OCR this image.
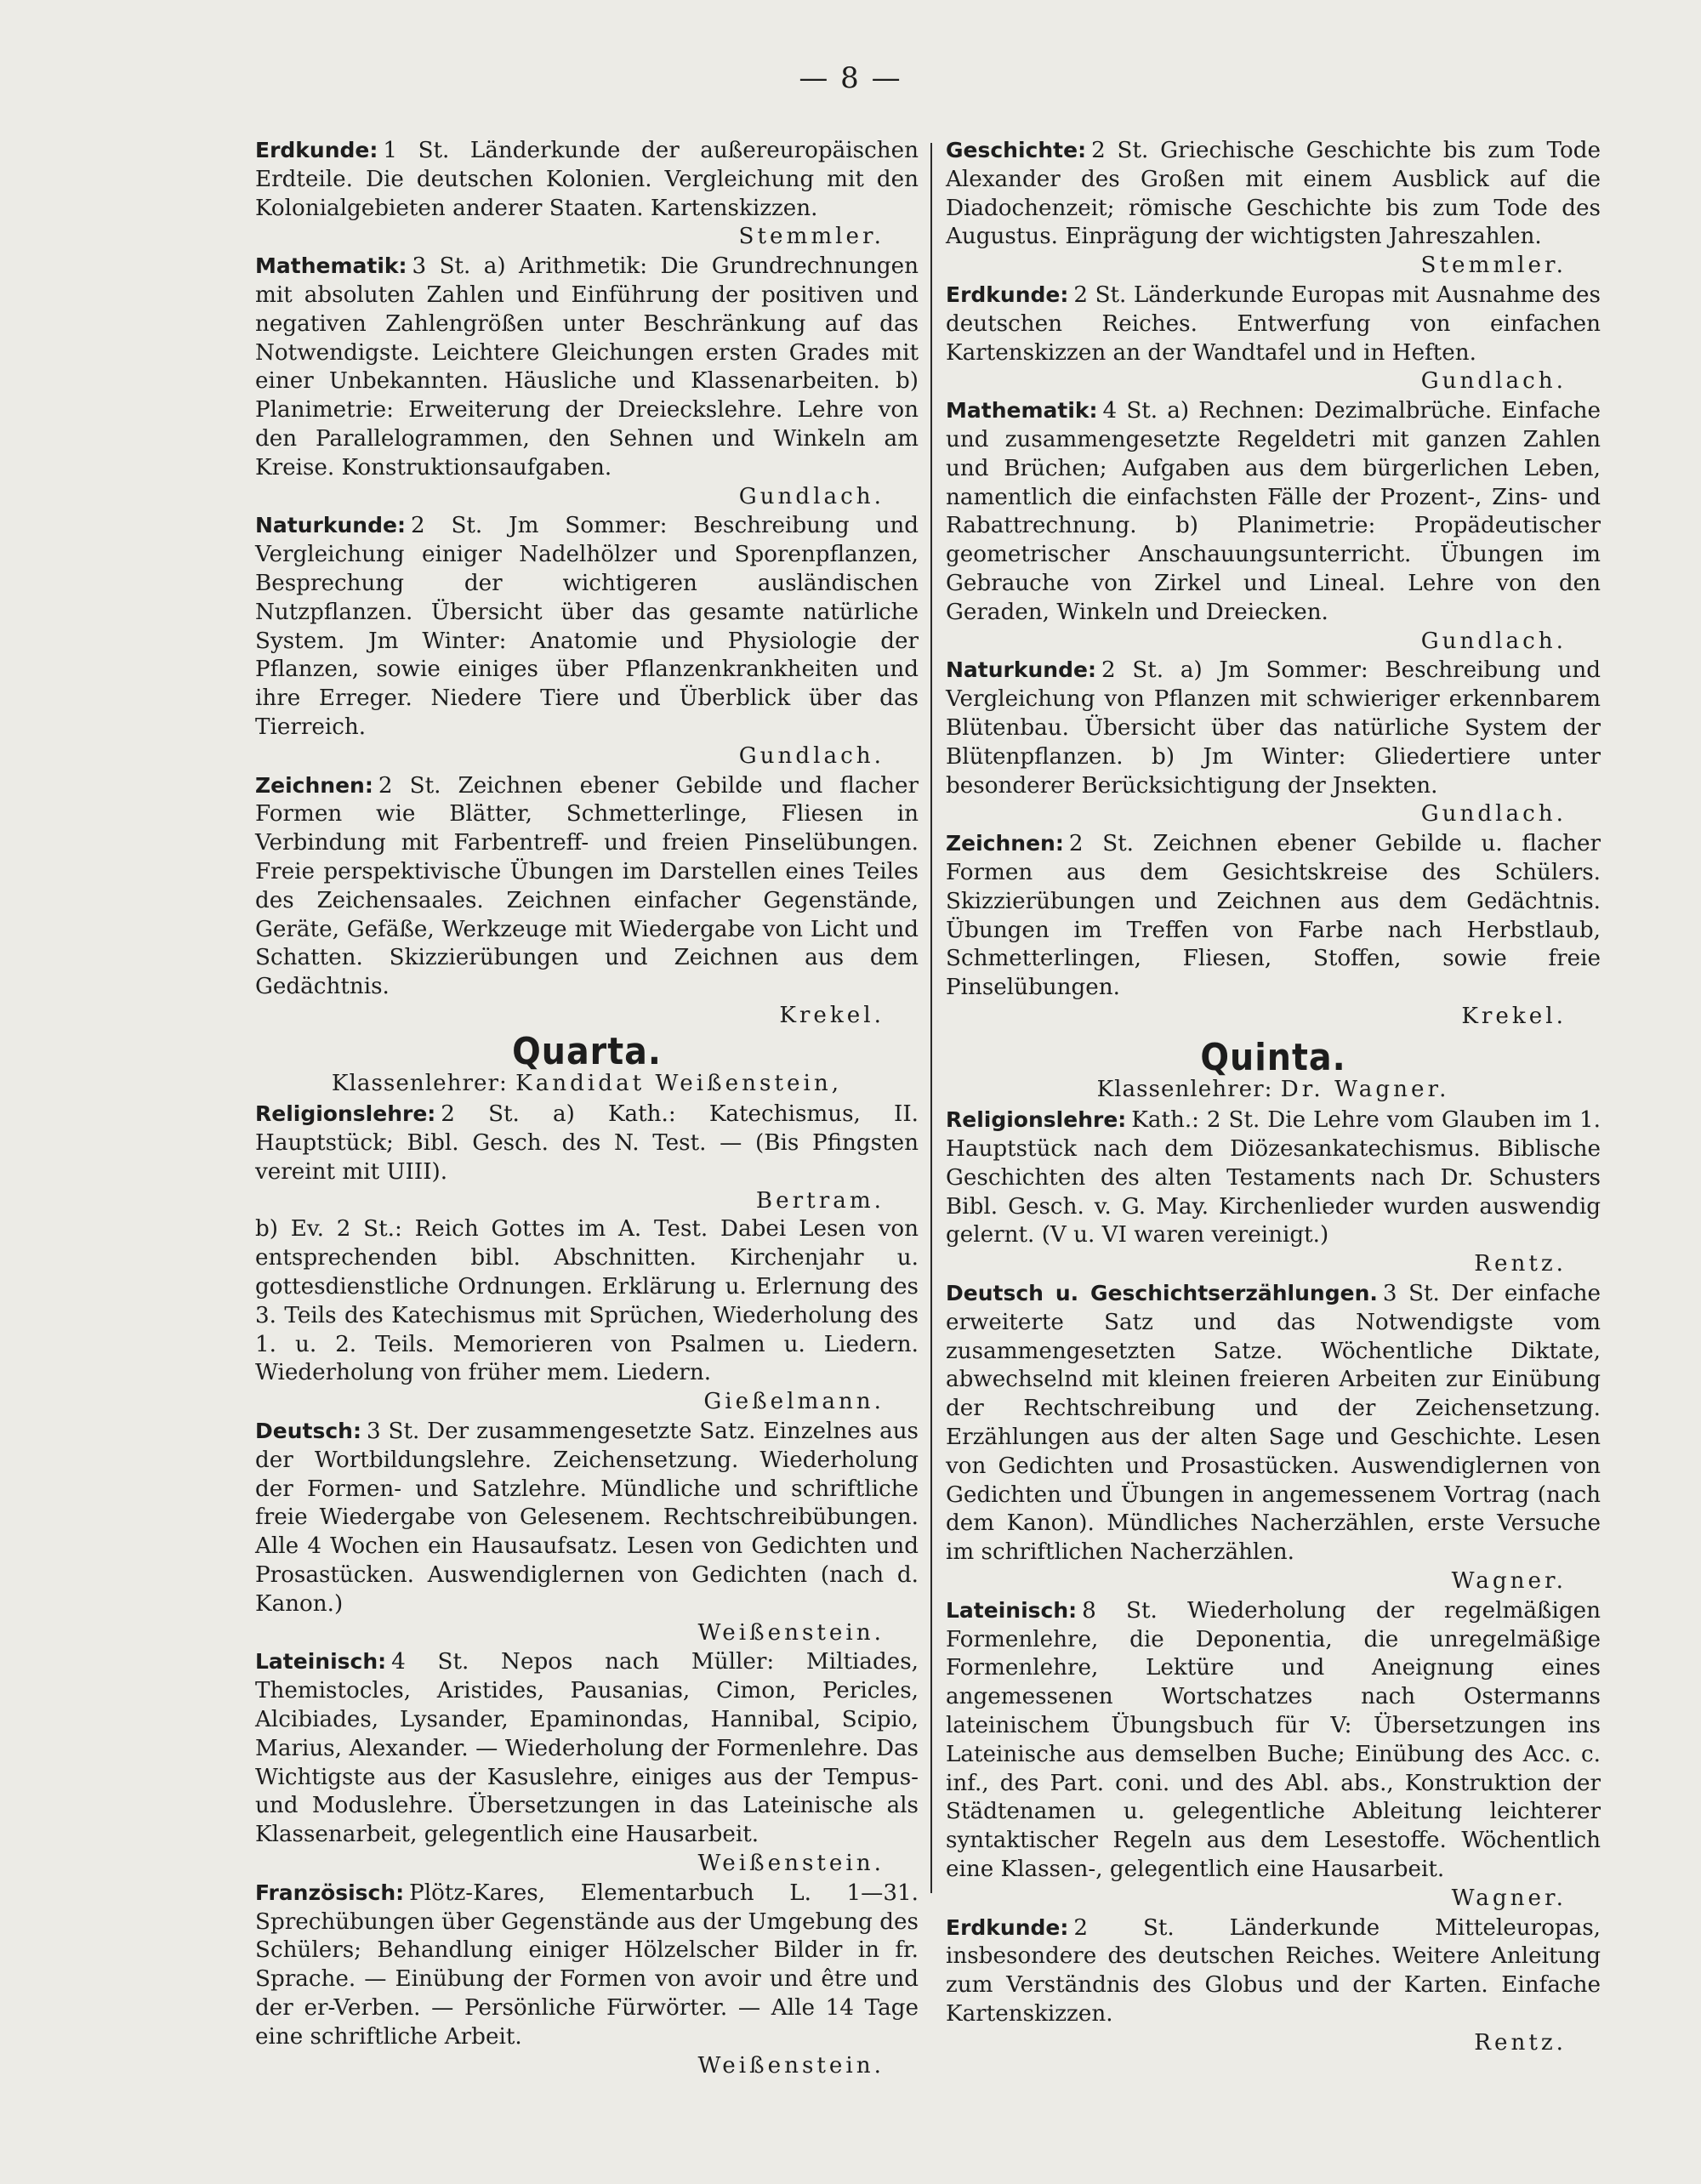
— 8 —

Erdkunde: 1 St. Länderkunde der außereuropäischen Erdteile. Die deutschen Kolonien. Vergleichung mit den Kolonialgebieten anderer Staaten. Kartenskizzen.
Stemmler.

Mathematik: 3 St. a) Arithmetik: Die Grundrechnungen mit absoluten Zahlen und Einführung der positiven und negativen Zahlengrößen unter Beschränkung auf das Notwendigste. Leichtere Gleichungen ersten Grades mit einer Unbekannten. Häusliche und Klassenarbeiten. b) Planimetrie: Erweiterung der Dreieckslehre. Lehre von den Parallelogrammen, den Sehnen und Winkeln am Kreise. Konstruktionsaufgaben.
Gundlach.

Naturkunde: 2 St. Jm Sommer: Beschreibung und Vergleichung einiger Nadelhölzer und Sporenpflanzen, Besprechung der wichtigeren ausländischen Nutzpflanzen. Übersicht über das gesamte natürliche System. Jm Winter: Anatomie und Physiologie der Pflanzen, sowie einiges über Pflanzenkrankheiten und ihre Erreger. Niedere Tiere und Überblick über das Tierreich.
Gundlach.

Zeichnen: 2 St. Zeichnen ebener Gebilde und flacher Formen wie Blätter, Schmetterlinge, Fliesen in Verbindung mit Farbentreff- und freien Pinselübungen. Freie perspektivische Übungen im Darstellen eines Teiles des Zeichensaales. Zeichnen einfacher Gegenstände, Geräte, Gefäße, Werkzeuge mit Wiedergabe von Licht und Schatten. Skizzierübungen und Zeichnen aus dem Gedächtnis.
Krekel.

Quarta.
Klassenlehrer: Kandidat Weißenstein,

Religionslehre: 2 St. a) Kath.: Katechismus, II. Hauptstück; Bibl. Gesch. des N. Test. — (Bis Pfingsten vereint mit UIII).
Bertram.

b) Ev. 2 St.: Reich Gottes im A. Test. Dabei Lesen von entsprechenden bibl. Abschnitten. Kirchenjahr u. gottesdienstliche Ordnungen. Erklärung u. Erlernung des 3. Teils des Katechismus mit Sprüchen, Wiederholung des 1. u. 2. Teils. Memorieren von Psalmen u. Liedern. Wiederholung von früher mem. Liedern.
Gießelmann.

Deutsch: 3 St. Der zusammengesetzte Satz. Einzelnes aus der Wortbildungslehre. Zeichensetzung. Wiederholung der Formen- und Satzlehre. Mündliche und schriftliche freie Wiedergabe von Gelesenem. Rechtschreibübungen. Alle 4 Wochen ein Hausaufsatz. Lesen von Gedichten und Prosastücken. Auswendiglernen von Gedichten (nach d. Kanon.)
Weißenstein.

Lateinisch: 4 St. Nepos nach Müller: Miltiades, Themistocles, Aristides, Pausanias, Cimon, Pericles, Alcibiades, Lysander, Epaminondas, Hannibal, Scipio, Marius, Alexander. — Wiederholung der Formenlehre. Das Wichtigste aus der Kasuslehre, einiges aus der Tempus- und Moduslehre. Übersetzungen in das Lateinische als Klassenarbeit, gelegentlich eine Hausarbeit.
Weißenstein.

Französisch: Plötz-Kares, Elementarbuch L. 1—31. Sprechübungen über Gegenstände aus der Umgebung des Schülers; Behandlung einiger Hölzelscher Bilder in fr. Sprache. — Einübung der Formen von avoir und être und der er-Verben. — Persönliche Fürwörter. — Alle 14 Tage eine schriftliche Arbeit.
Weißenstein.

Geschichte: 2 St. Griechische Geschichte bis zum Tode Alexander des Großen mit einem Ausblick auf die Diadochenzeit; römische Geschichte bis zum Tode des Augustus. Einprägung der wichtigsten Jahreszahlen.
Stemmler.

Erdkunde: 2 St. Länderkunde Europas mit Ausnahme des deutschen Reiches. Entwerfung von einfachen Kartenskizzen an der Wandtafel und in Heften.
Gundlach.

Mathematik: 4 St. a) Rechnen: Dezimalbrüche. Einfache und zusammengesetzte Regeldetri mit ganzen Zahlen und Brüchen; Aufgaben aus dem bürgerlichen Leben, namentlich die einfachsten Fälle der Prozent-, Zins- und Rabattrechnung. b) Planimetrie: Propädeutischer geometrischer Anschauungsunterricht. Übungen im Gebrauche von Zirkel und Lineal. Lehre von den Geraden, Winkeln und Dreiecken.
Gundlach.

Naturkunde: 2 St. a) Jm Sommer: Beschreibung und Vergleichung von Pflanzen mit schwieriger erkennbarem Blütenbau. Übersicht über das natürliche System der Blütenpflanzen. b) Jm Winter: Gliedertiere unter besonderer Berücksichtigung der Jnsekten.
Gundlach.

Zeichnen: 2 St. Zeichnen ebener Gebilde u. flacher Formen aus dem Gesichtskreise des Schülers. Skizzierübungen und Zeichnen aus dem Gedächtnis. Übungen im Treffen von Farbe nach Herbstlaub, Schmetterlingen, Fliesen, Stoffen, sowie freie Pinselübungen.
Krekel.

Quinta.
Klassenlehrer: Dr. Wagner.

Religionslehre: Kath.: 2 St. Die Lehre vom Glauben im 1. Hauptstück nach dem Diözesankatechismus. Biblische Geschichten des alten Testaments nach Dr. Schusters Bibl. Gesch. v. G. May. Kirchenlieder wurden auswendig gelernt. (V u. VI waren vereinigt.)
Rentz.

Deutsch u. Geschichtserzählungen. 3 St. Der einfache erweiterte Satz und das Notwendigste vom zusammengesetzten Satze. Wöchentliche Diktate, abwechselnd mit kleinen freieren Arbeiten zur Einübung der Rechtschreibung und der Zeichensetzung. Erzählungen aus der alten Sage und Geschichte. Lesen von Gedichten und Prosastücken. Auswendiglernen von Gedichten und Übungen in angemessenem Vortrag (nach dem Kanon). Mündliches Nacherzählen, erste Versuche im schriftlichen Nacherzählen.
Wagner.

Lateinisch: 8 St. Wiederholung der regelmäßigen Formenlehre, die Deponentia, die unregelmäßige Formenlehre, Lektüre und Aneignung eines angemessenen Wortschatzes nach Ostermanns lateinischem Übungsbuch für V: Übersetzungen ins Lateinische aus demselben Buche; Einübung des Acc. c. inf., des Part. coni. und des Abl. abs., Konstruktion der Städtenamen u. gelegentliche Ableitung leichterer syntaktischer Regeln aus dem Lesestoffe. Wöchentlich eine Klassen-, gelegentlich eine Hausarbeit.
Wagner.

Erdkunde: 2 St. Länderkunde Mitteleuropas, insbesondere des deutschen Reiches. Weitere Anleitung zum Verständnis des Globus und der Karten. Einfache Kartenskizzen.
Rentz.
